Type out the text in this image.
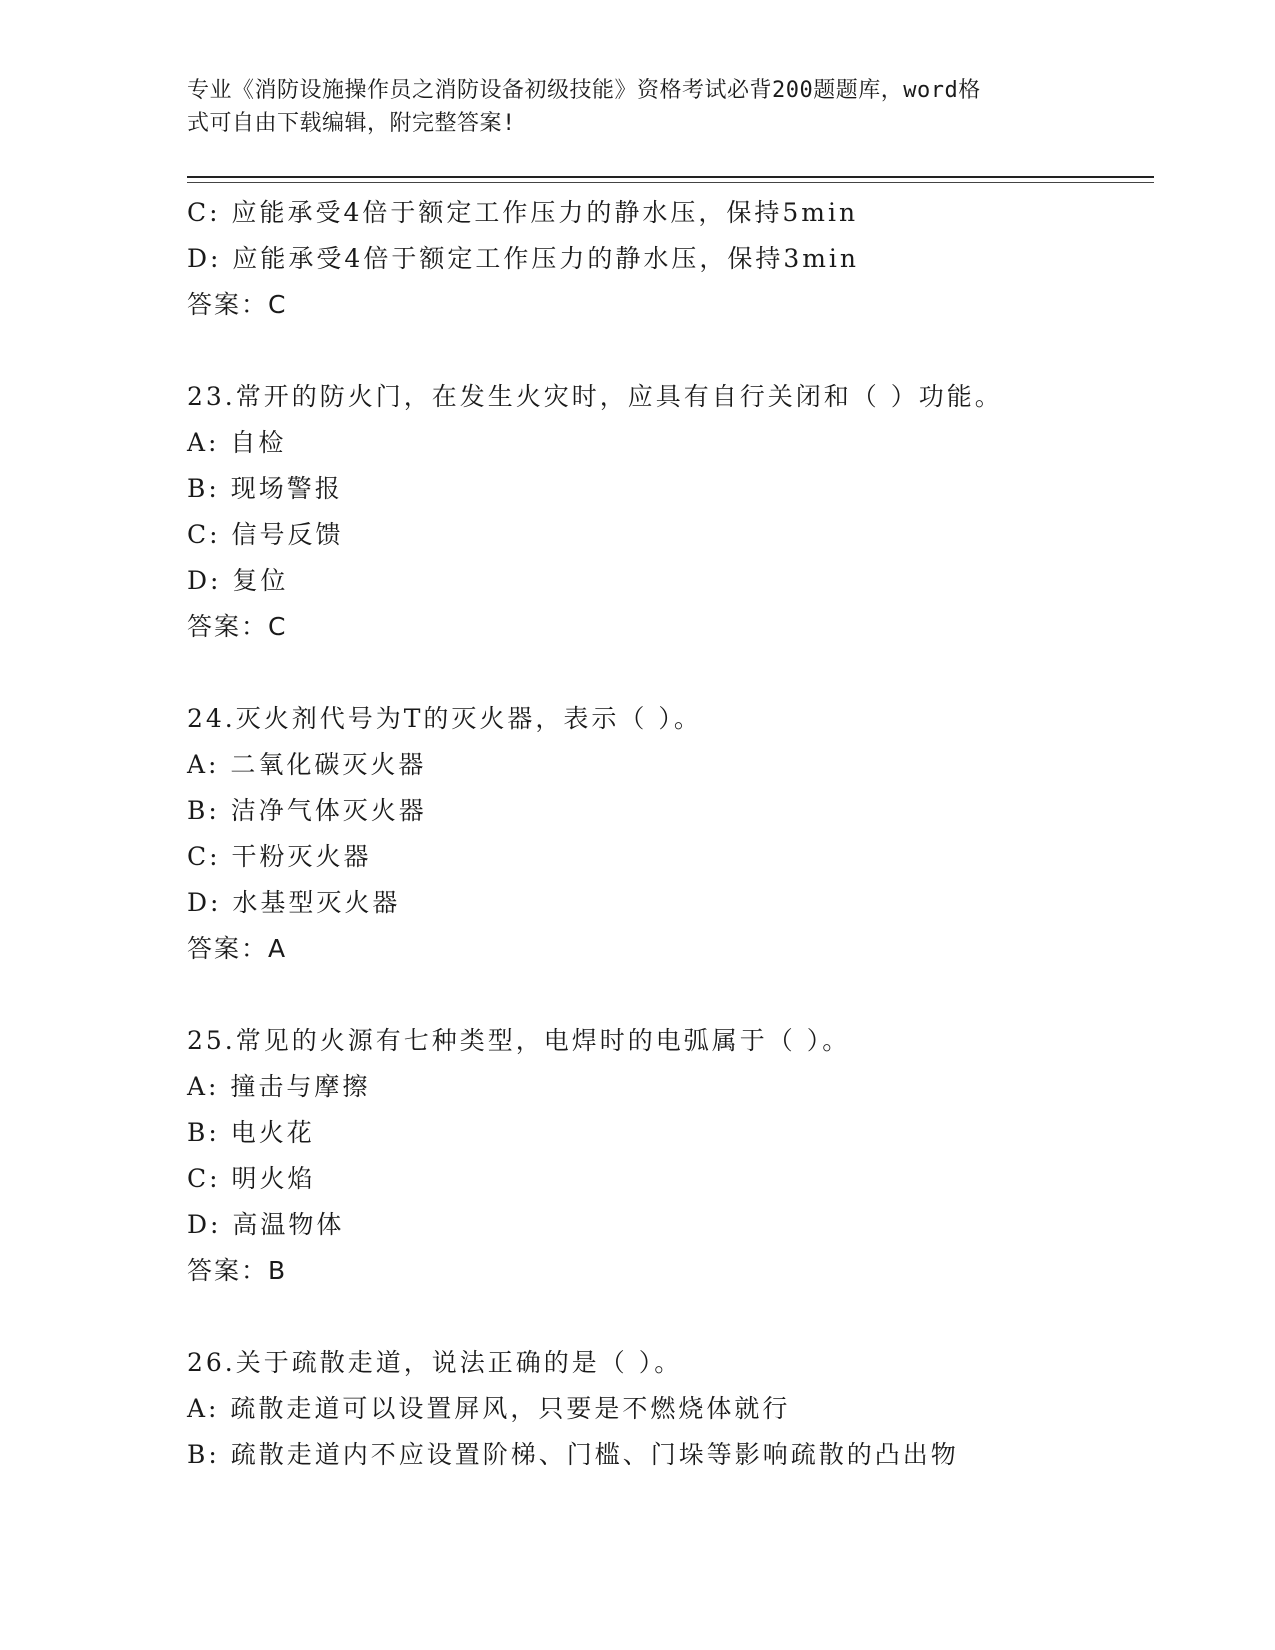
专业《消防设施操作员之消防设备初级技能》资格考试必背200题题库，word格
式可自由下载编辑，附完整答案!
C: 应能承受4倍于额定工作压力的静水压，保持5min
D: 应能承受4倍于额定工作压力的静水压，保持3min
答案：C
23.常开的防火门，在发生火灾时，应具有自行关闭和（ ）功能。
A: 自检
B: 现场警报
C: 信号反馈
D: 复位
答案：C
24.灭火剂代号为T的灭火器，表示（ ）。
A: 二氧化碳灭火器
B: 洁净气体灭火器
C: 干粉灭火器
D: 水基型灭火器
答案：A
25.常见的火源有七种类型，电焊时的电弧属于（ ）。
A: 撞击与摩擦
B: 电火花
C: 明火焰
D: 高温物体
答案：B
26.关于疏散走道，说法正确的是（ ）。
A: 疏散走道可以设置屏风，只要是不燃烧体就行
B: 疏散走道内不应设置阶梯、门槛、门垛等影响疏散的凸出物
